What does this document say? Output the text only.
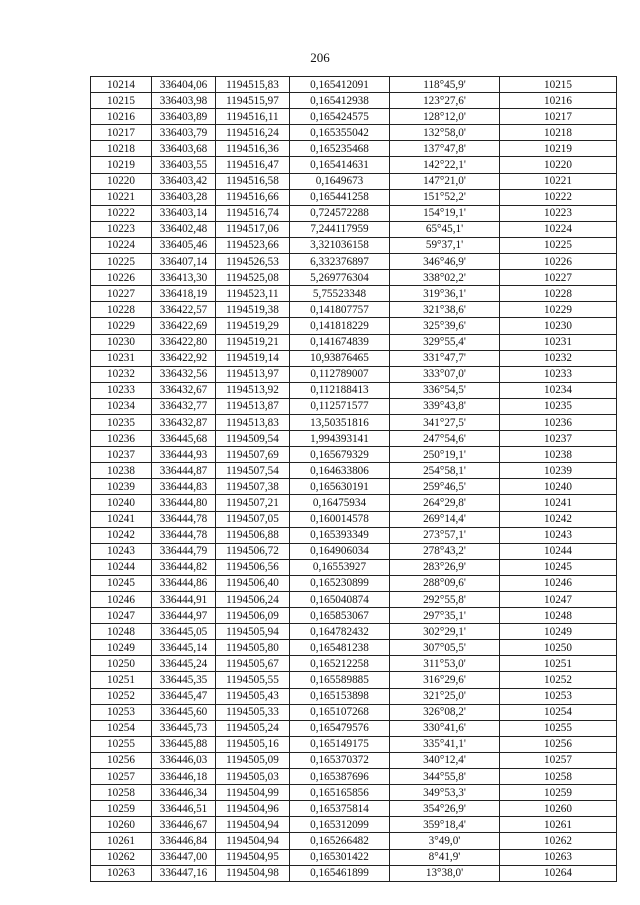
206
10214	336404,06	1194515,83	0,165412091	118°45,9'	10215
10215	336403,98	1194515,97	0,165412938	123°27,6'	10216
10216	336403,89	1194516,11	0,165424575	128°12,0'	10217
10217	336403,79	1194516,24	0,165355042	132°58,0'	10218
10218	336403,68	1194516,36	0,165235468	137°47,8'	10219
10219	336403,55	1194516,47	0,165414631	142°22,1'	10220
10220	336403,42	1194516,58	0,1649673	147°21,0'	10221
10221	336403,28	1194516,66	0,165441258	151°52,2'	10222
10222	336403,14	1194516,74	0,724572288	154°19,1'	10223
10223	336402,48	1194517,06	7,244117959	65°45,1'	10224
10224	336405,46	1194523,66	3,321036158	59°37,1'	10225
10225	336407,14	1194526,53	6,332376897	346°46,9'	10226
10226	336413,30	1194525,08	5,269776304	338°02,2'	10227
10227	336418,19	1194523,11	5,75523348	319°36,1'	10228
10228	336422,57	1194519,38	0,141807757	321°38,6'	10229
10229	336422,69	1194519,29	0,141818229	325°39,6'	10230
10230	336422,80	1194519,21	0,141674839	329°55,4'	10231
10231	336422,92	1194519,14	10,93876465	331°47,7'	10232
10232	336432,56	1194513,97	0,112789007	333°07,0'	10233
10233	336432,67	1194513,92	0,112188413	336°54,5'	10234
10234	336432,77	1194513,87	0,112571577	339°43,8'	10235
10235	336432,87	1194513,83	13,50351816	341°27,5'	10236
10236	336445,68	1194509,54	1,994393141	247°54,6'	10237
10237	336444,93	1194507,69	0,165679329	250°19,1'	10238
10238	336444,87	1194507,54	0,164633806	254°58,1'	10239
10239	336444,83	1194507,38	0,165630191	259°46,5'	10240
10240	336444,80	1194507,21	0,16475934	264°29,8'	10241
10241	336444,78	1194507,05	0,160014578	269°14,4'	10242
10242	336444,78	1194506,88	0,165393349	273°57,1'	10243
10243	336444,79	1194506,72	0,164906034	278°43,2'	10244
10244	336444,82	1194506,56	0,16553927	283°26,9'	10245
10245	336444,86	1194506,40	0,165230899	288°09,6'	10246
10246	336444,91	1194506,24	0,165040874	292°55,8'	10247
10247	336444,97	1194506,09	0,165853067	297°35,1'	10248
10248	336445,05	1194505,94	0,164782432	302°29,1'	10249
10249	336445,14	1194505,80	0,165481238	307°05,5'	10250
10250	336445,24	1194505,67	0,165212258	311°53,0'	10251
10251	336445,35	1194505,55	0,165589885	316°29,6'	10252
10252	336445,47	1194505,43	0,165153898	321°25,0'	10253
10253	336445,60	1194505,33	0,165107268	326°08,2'	10254
10254	336445,73	1194505,24	0,165479576	330°41,6'	10255
10255	336445,88	1194505,16	0,165149175	335°41,1'	10256
10256	336446,03	1194505,09	0,165370372	340°12,4'	10257
10257	336446,18	1194505,03	0,165387696	344°55,8'	10258
10258	336446,34	1194504,99	0,165165856	349°53,3'	10259
10259	336446,51	1194504,96	0,165375814	354°26,9'	10260
10260	336446,67	1194504,94	0,165312099	359°18,4'	10261
10261	336446,84	1194504,94	0,165266482	3°49,0'	10262
10262	336447,00	1194504,95	0,165301422	8°41,9'	10263
10263	336447,16	1194504,98	0,165461899	13°38,0'	10264
